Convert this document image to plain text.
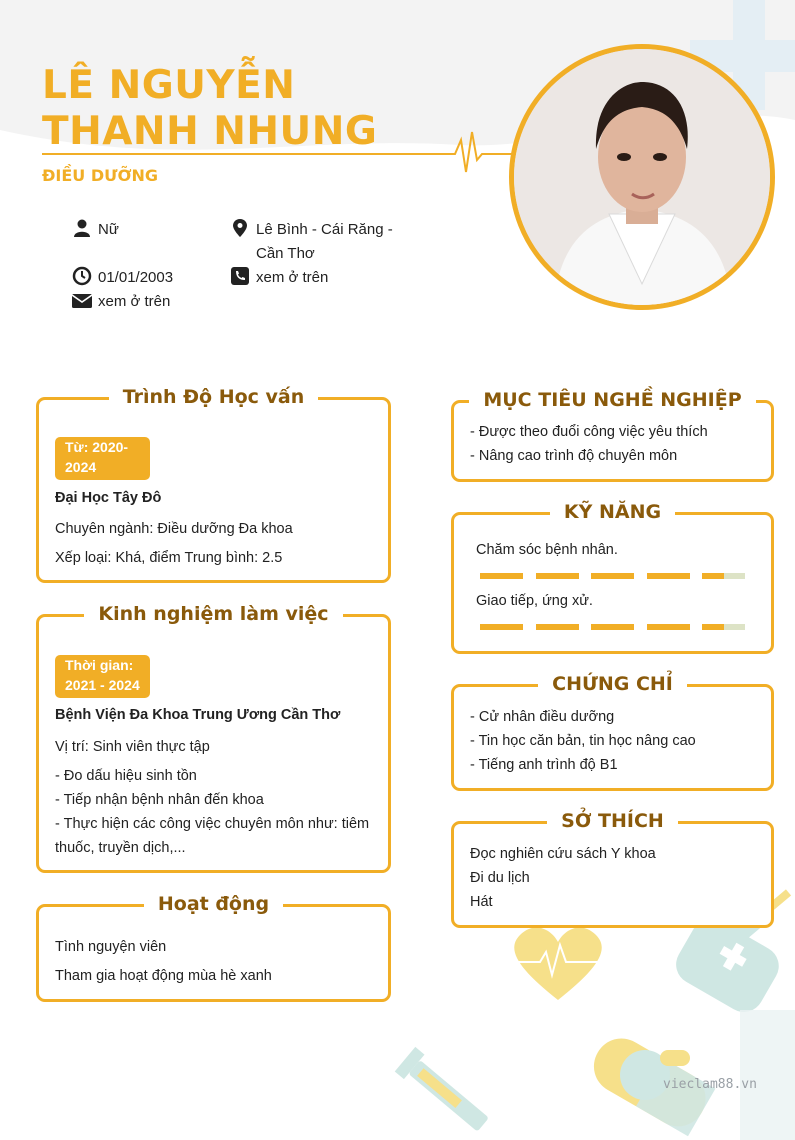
LÊ NGUYỄN
THANH NHUNG
ĐIỀU DƯỠNG
Nữ	Lê Bình - Cái Răng -
Cần Thơ
01/01/2003	xem ở trên
xem ở trên
Trình Độ Học vấn
Từ: 2020-
2024
Đại Học Tây Đô
Chuyên ngành: Điều dưỡng Đa khoa
Xếp loại: Khá, điểm Trung bình: 2.5
Kinh nghiệm làm việc
Thời gian:
2021 - 2024
Bệnh Viện Đa Khoa Trung Ương Cần Thơ
Vị trí: Sinh viên thực tập
- Đo dấu hiệu sinh tồn
- Tiếp nhận bệnh nhân đến khoa
- Thực hiện các công việc chuyên môn như: tiêm
thuốc, truyền dịch,...
Hoạt động
Tình nguyện viên
Tham gia hoạt động mùa hè xanh
MỤC TIÊU NGHỀ NGHIỆP
- Được theo đuổi công việc yêu thích
- Nâng cao trình độ chuyên môn
KỸ NĂNG
Chăm sóc bệnh nhân.
Giao tiếp, ứng xử.
CHỨNG CHỈ
- Cử nhân điều dưỡng
- Tin học căn bản, tin học nâng cao
- Tiếng anh trình độ B1
SỞ THÍCH
Đọc nghiên cứu sách Y khoa
Đi du lịch
Hát
vieclam88.vn
